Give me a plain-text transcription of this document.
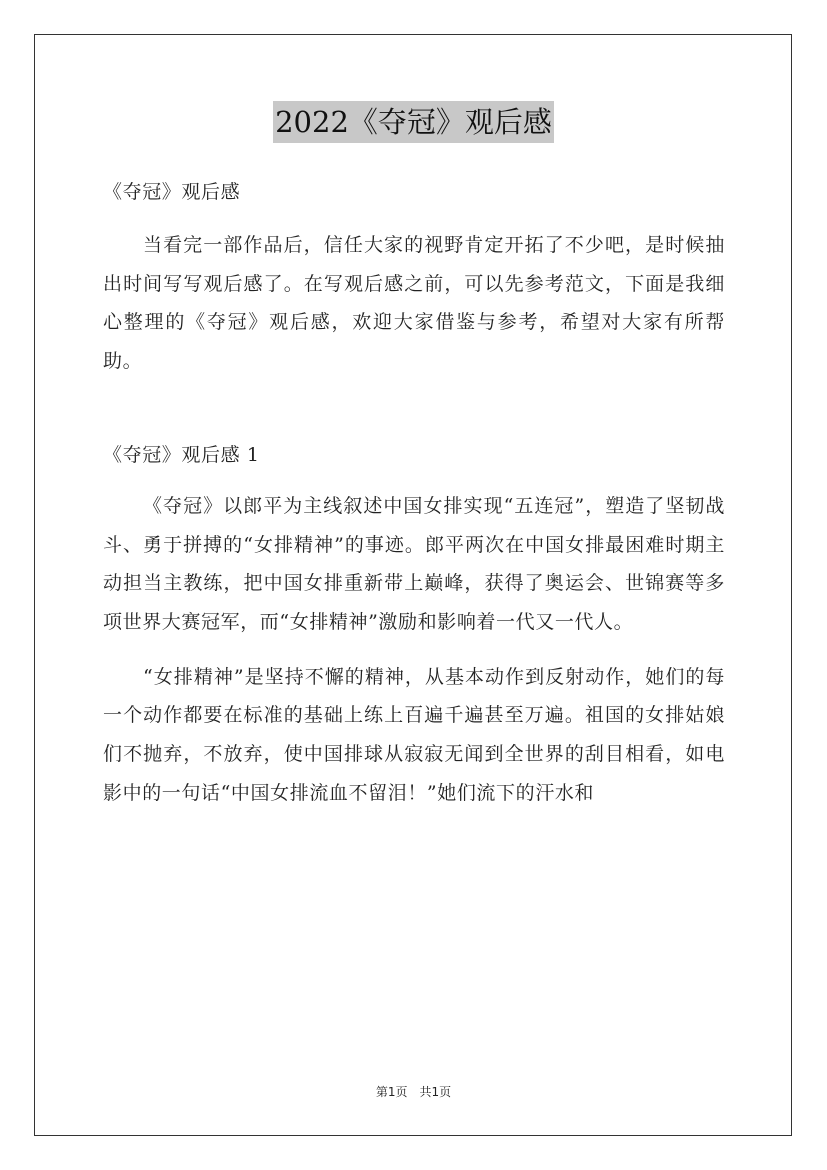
2022《夺冠》观后感

《夺冠》观后感

当看完一部作品后，信任大家的视野肯定开拓了不少吧，是时候抽出时间写写观后感了。在写观后感之前，可以先参考范文，下面是我细心整理的《夺冠》观后感，欢迎大家借鉴与参考，希望对大家有所帮助。

《夺冠》观后感 1

《夺冠》以郎平为主线叙述中国女排实现“五连冠”，塑造了坚韧战斗、勇于拼搏的“女排精神”的事迹。郎平两次在中国女排最困难时期主动担当主教练，把中国女排重新带上巅峰，获得了奥运会、世锦赛等多项世界大赛冠军，而“女排精神”激励和影响着一代又一代人。

“女排精神”是坚持不懈的精神，从基本动作到反射动作，她们的每一个动作都要在标准的基础上练上百遍千遍甚至万遍。祖国的女排姑娘们不抛弃，不放弃，使中国排球从寂寂无闻到全世界的刮目相看，如电影中的一句话“中国女排流血不留泪！”她们流下的汗水和

第1页 共1页
